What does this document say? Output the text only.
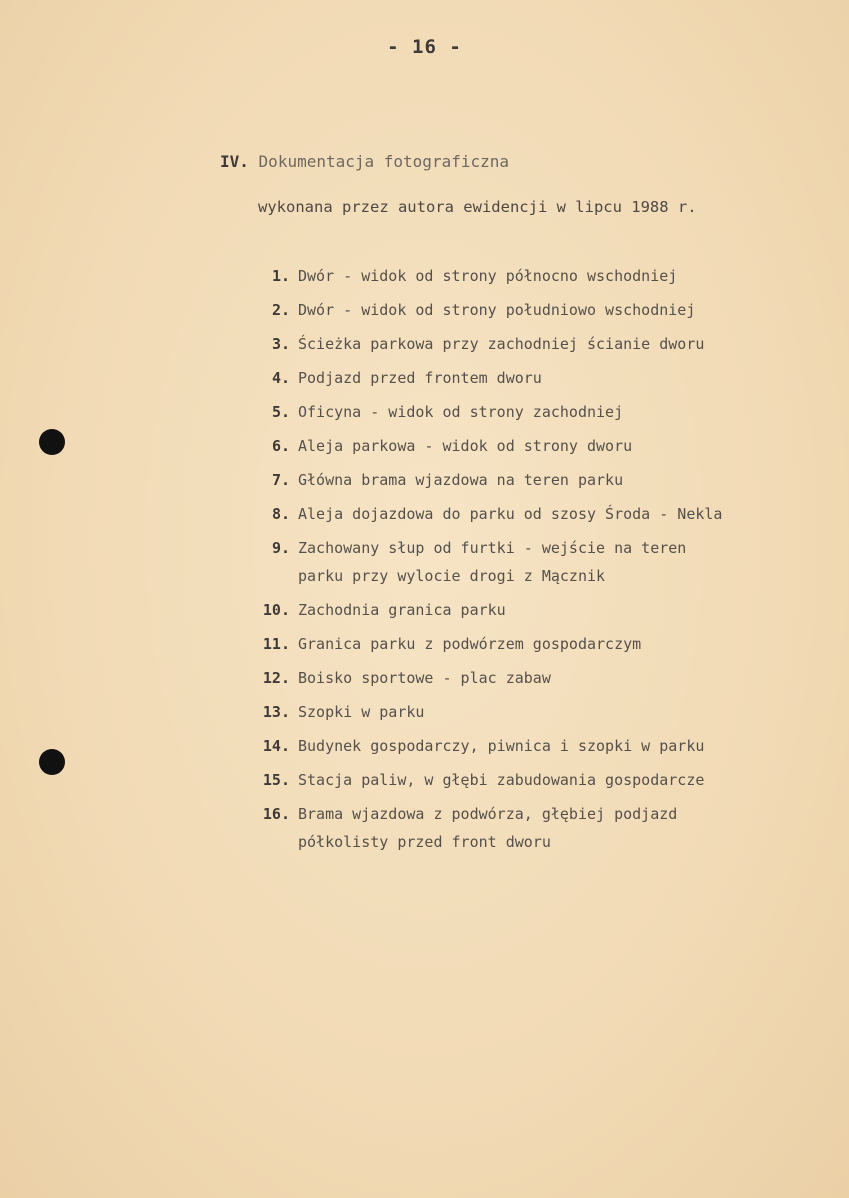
- 16 -
IV. Dokumentacja fotograficzna
wykonana przez autora ewidencji w lipcu 1988 r.
1. Dwór - widok od strony północno wschodniej
2. Dwór - widok od strony południowo wschodniej
3. Ścieżka parkowa przy zachodniej ścianie dworu
4. Podjazd przed frontem dworu
5. Oficyna - widok od strony zachodniej
6. Aleja parkowa - widok od strony dworu
7. Główna brama wjazdowa na teren parku
8. Aleja dojazdowa do parku od szosy Środa - Nekla
9. Zachowany słup od furtki - wejście na teren
parku przy wylocie drogi z Mącznik
10. Zachodnia granica parku
11. Granica parku z podwórzem gospodarczym
12. Boisko sportowe - plac zabaw
13. Szopki w parku
14. Budynek gospodarczy, piwnica i szopki w parku
15. Stacja paliw, w głębi zabudowania gospodarcze
16. Brama wjazdowa z podwórza, głębiej podjazd
półkolisty przed front dworu
